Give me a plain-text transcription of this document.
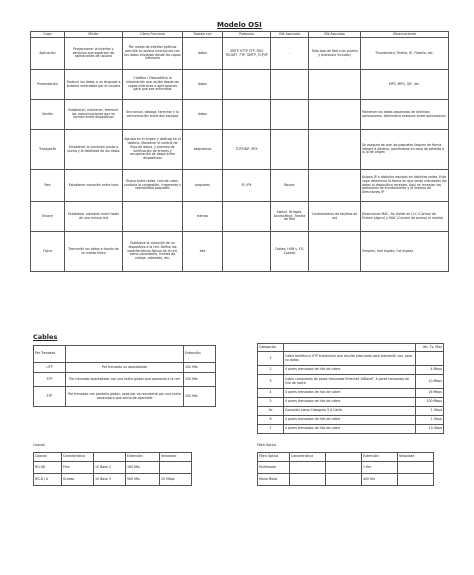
Modelo OSI
Capa	Misión	Cómo Funciona	Trabaja con	Protocolo	HW Asociado	SW Asociado	Observaciones
Aplicación	Proporcionar la Interfaz y servicios que soportan las aplicaciones de usuario	Por medio de interfaz gráficas permite al usuario interactuar con los datos enviados desde las capas inferiores	datos	SMTP HTTP FTP, SSH TELNET, FTP, SMTP, TCP/IP	-	Todo App de Red (con puerto y protocolo incluido)	Thunderbird, Firefox, IE, Filezilla, etc.
Presentación	Traducir los datos a un lenguaje a sistema entendible por el usuario	Codifica / Descodifica la información que recibe desde las capas inferiores a aplicaciones para que sea entendida	datos				MP3, MPG, GIF, etc.
Sesión	Establecer, mantener, terminar las comunicaciones que se forman entre dispositivos	Sincroniza, dialoga, terminar y la comunicación entre dos equipos	datos				Mantener los datos separados de distintas aplicaciones. Administra sesiones entre aplicaciones
Transporte	Establecer la conexión punto a punto y la fiabilidad de los datos	Agrupa en el origen y desfrag en el destino. Mantener el control de flujo de datos, y proceso de verificación de errores y recuperación de datos entre dispositivos	segmentos	TCP/UDP, SPX			Se asegura de que los paquetes lleguen de forma íntegra a destino, poniéndose en caso de pérdida a la ip de origen
Red	Establecer conexión entre host	Busca entre redes, calcula rutas, controla la congestión, fragmenta y reensambla paquetes	paquetes	IP, IPX	Router		Asigna IP a distintos equipos en distintas redes. Esta capa determina la forma en que serán mandados los datos al dispositivo receptor. Aquí se manejan los protocolos de enrutamiento y el manejo de direcciones IP
Enlace	Establecer conexión entre hosts de una misma red		tramas		Switch, Bridges, AccessPoint, Tarjeta de Red	Controladores de tarjetas de red	Direcciones MAC. Se divide en LLC (Control de Enlace Lógico) y MAC (Control de acceso al medio)
Física	Transmitir los datos a través de un medio físico	Establece la conexión de un dispositivo a la red. Define las características físicas de la red, como conectores, niveles de voltaje, cableado, etc.	bits		Cables, HUB s, FO, Coaxial		Simplex, half duplex, full duplex
Cables
Par Trenzado		Extensión
UTP	Par trenzado no apantallado	100 Mts
STP	Par trenzado apantallado con una malla global que apantalla a la red	100 Mts
FTP	Par trenzado con pantalla global, cada par va recubierto por una malla conductora que actúa de apantalle	100 Mts
Categorías		Vel. Tx. Max
1	Cable telefónico UTP tradicional que resulta adecuado para transmitir voz, pero no datos	
2	4 pares trenzados de hilo de cobre	4 Mbps
3	Cable compuesto de pares trenzados Ethernet 10BaseT. 4 pares trenzados de hilo de cobre	10 Mbps
4	4 pares trenzados de hilo de cobre	16 Mbps
5	4 pares trenzados de hilo de cobre	100 Mbps
5e	Conexión como Categoría 5 ó Catfe.	1 Gbps
6	4 pares trenzados de hilo de cobre	1 Gbps
7	4 pares trenzados de hilo de cobre	10 Gbps
Coaxial
Coaxial	Característica		Extensión	Velocidad
RG-58	Fino	10 Base 2	185 Mts	
RG-8 / U	Grueso	10 Base 5	500 Mts	10 Mbps
Fibra Óptica
Fibra Óptica	Característica		Extensión	Velocidad
Multimodo			1 Km	
Mono Modo			400 Km	
